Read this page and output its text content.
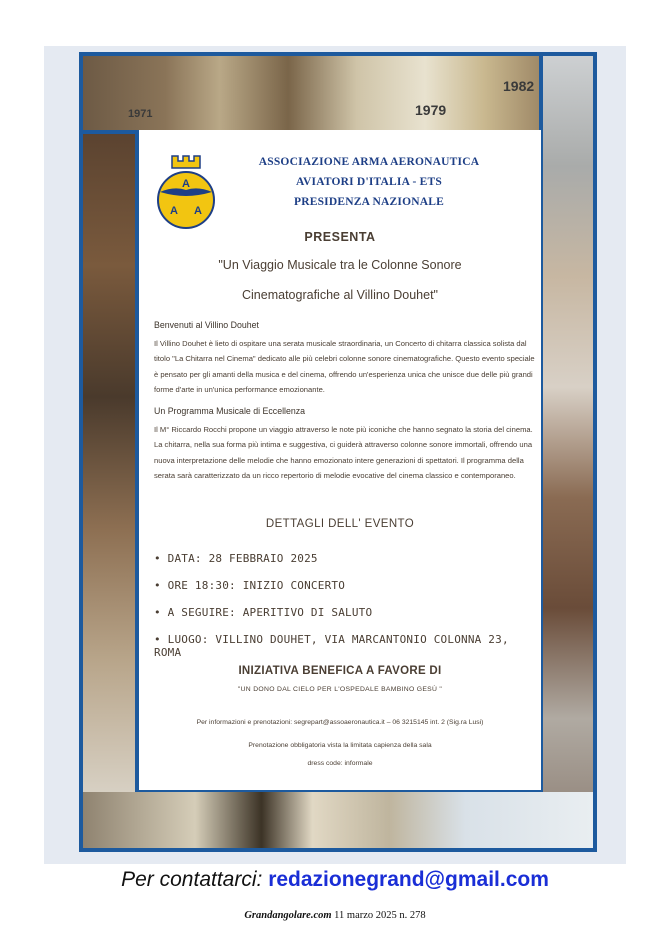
1971	1979
1982
A
A A
ASSOCIAZIONE ARMA AERONAUTICA
AVIATORI D'ITALIA - ETS
PRESIDENZA NAZIONALE
PRESENTA
"Un Viaggio Musicale tra le Colonne Sonore
Cinematografiche al Villino Douhet"
Benvenuti al Villino Douhet
Il Villino Douhet è lieto di ospitare una serata musicale straordinaria, un Concerto di chitarra classica solista dal titolo "La Chitarra nel Cinema" dedicato alle più celebri colonne sonore cinematografiche. Questo evento speciale è pensato per gli amanti della musica e del cinema, offrendo un'esperienza unica che unisce due delle più grandi forme d'arte in un'unica performance emozionante.
Un Programma Musicale di Eccellenza
Il M° Riccardo Rocchi propone un viaggio attraverso le note più iconiche che hanno segnato la storia del cinema. La chitarra, nella sua forma più intima e suggestiva, ci guiderà attraverso colonne sonore immortali, offrendo una nuova interpretazione delle melodie che hanno emozionato intere generazioni di spettatori. Il programma della serata sarà caratterizzato da un ricco repertorio di melodie evocative del cinema classico e contemporaneo.
DETTAGLI DELL' EVENTO
• DATA: 28 FEBBRAIO 2025
• ORE 18:30: INIZIO CONCERTO
• A SEGUIRE: APERITIVO DI SALUTO
• LUOGO: VILLINO DOUHET, VIA MARCANTONIO COLONNA 23, ROMA
INIZIATIVA BENEFICA A FAVORE DI
"UN DONO DAL CIELO PER L'OSPEDALE BAMBINO GESÙ "
Per informazioni e prenotazioni: segrepart@assoaeronautica.it – 06 3215145 int. 2 (Sig.ra Lusi)
Prenotazione obbligatoria vista la limitata capienza della sala
dress code: informale
Per contattarci: redazionegrand@gmail.com
Grandangolare.com 11 marzo 2025 n. 278
